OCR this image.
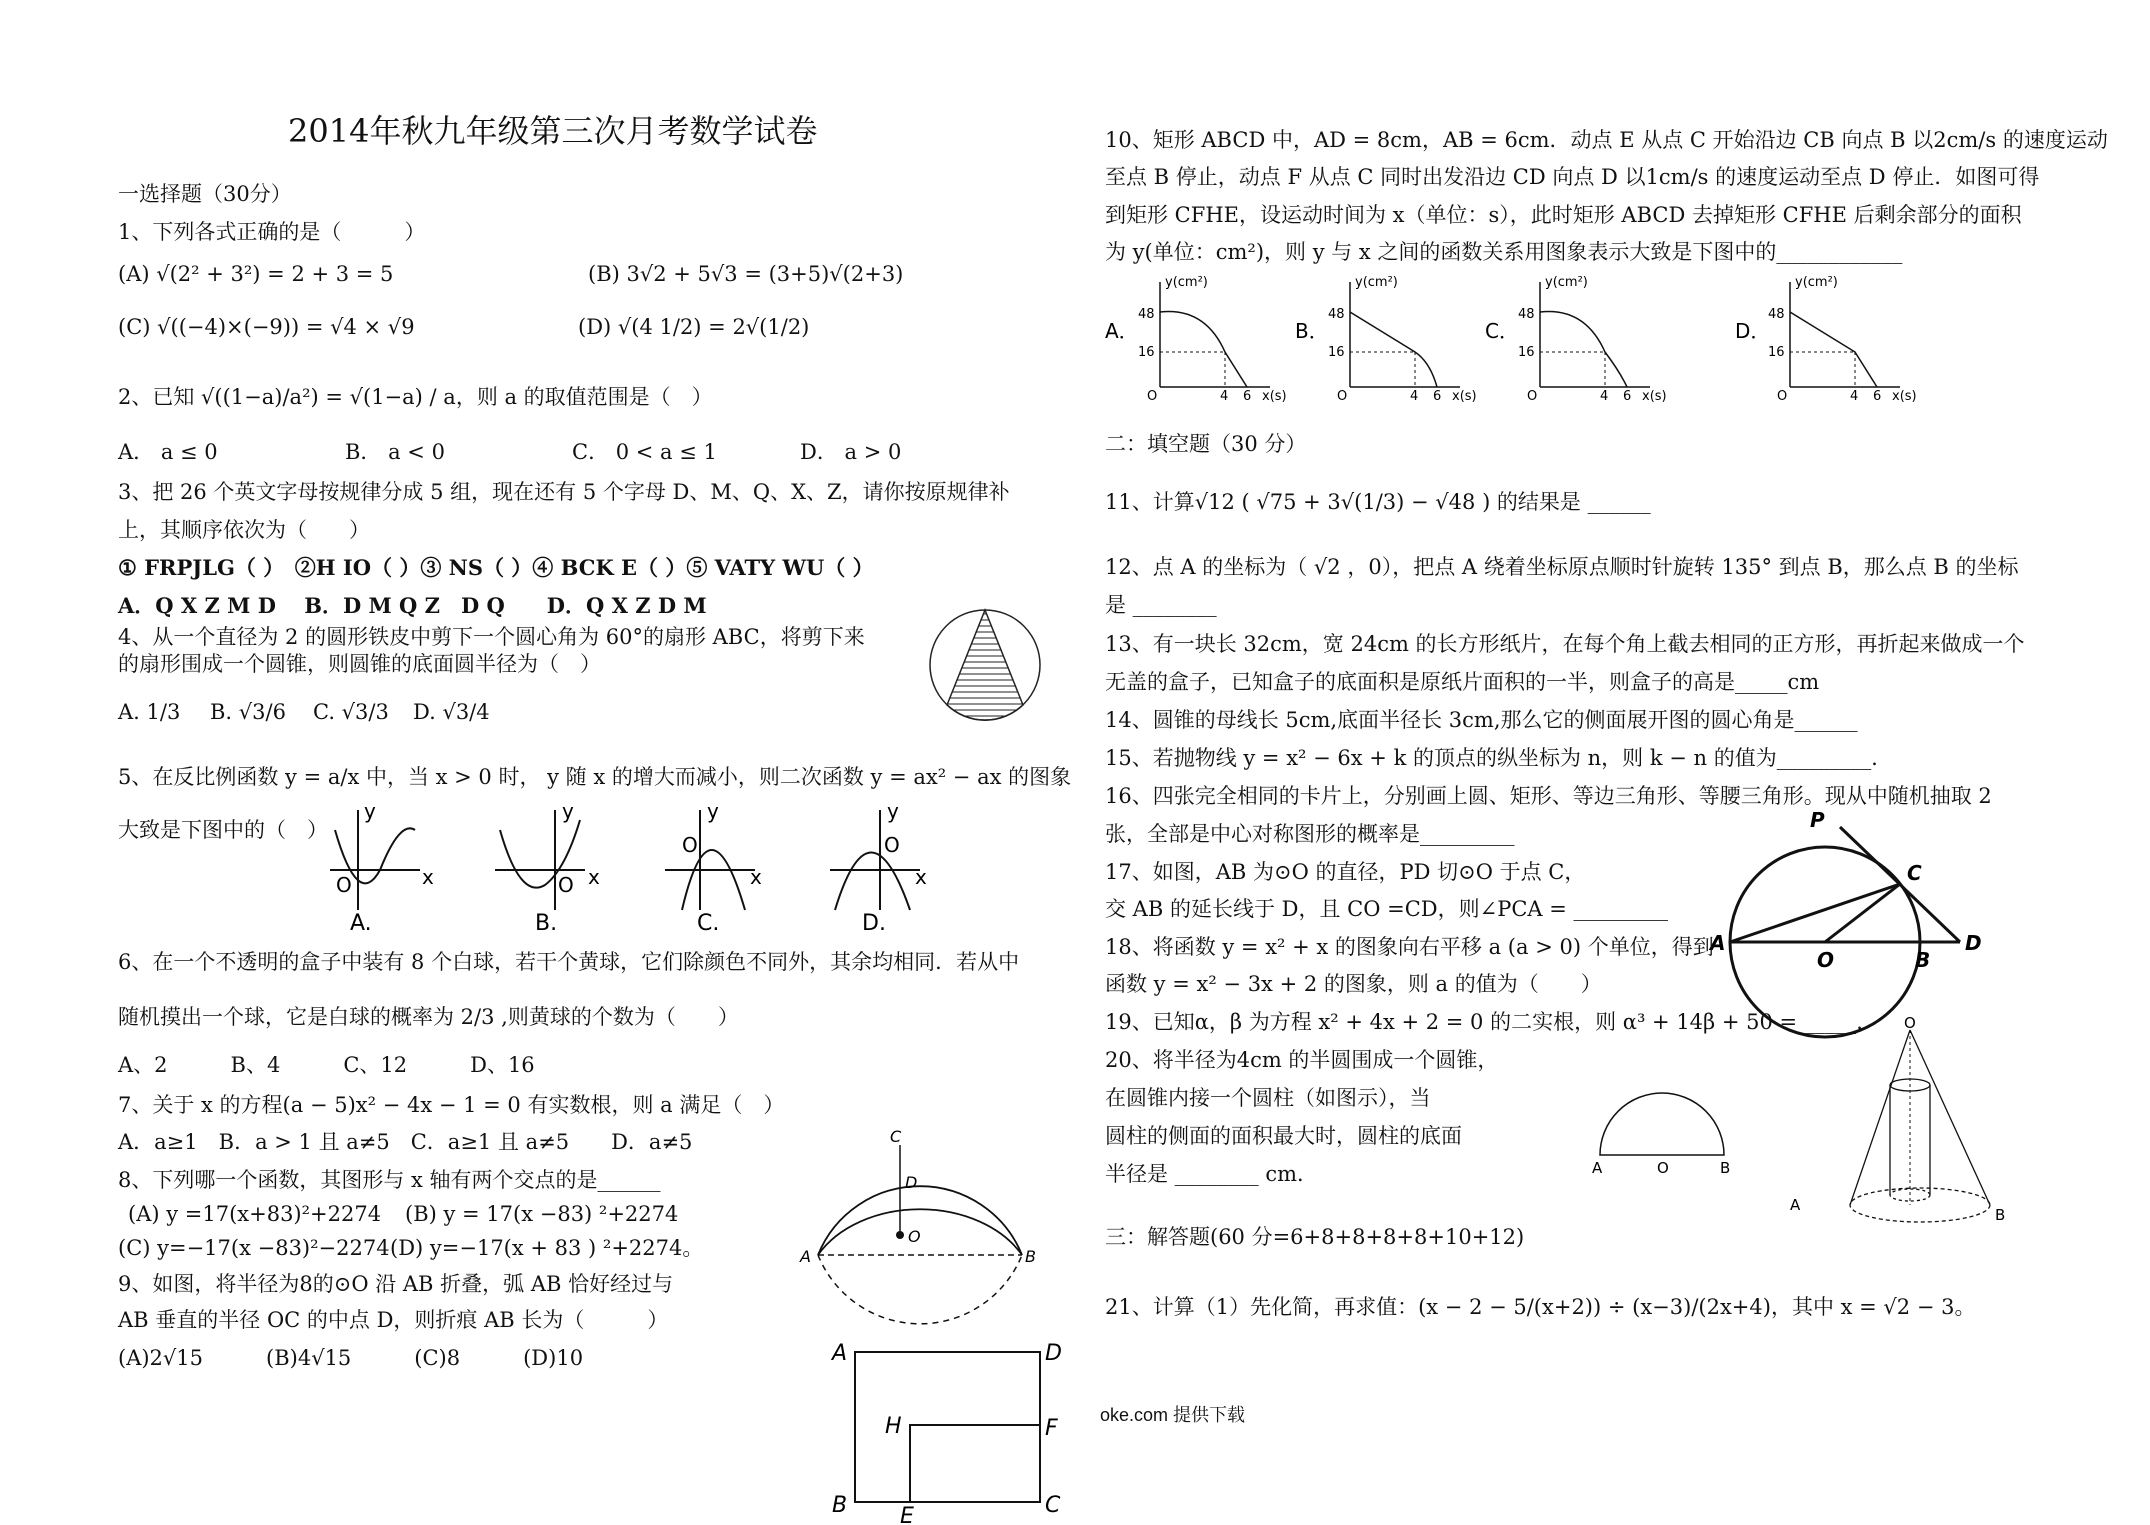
2014年秋九年级第三次月考数学试卷
一选择题（30分）
1、下列各式正确的是（　　　）
(A) √(2² + 3²) = 2 + 3 = 5	(B) 3√2 + 5√3 = (3+5)√(2+3)
(C) √((−4)×(−9)) = √4 × √9	(D) √(4 1/2) = 2√(1/2)
2、已知 √((1−a)/a²) = √(1−a) / a，则 a 的取值范围是（　）
A． a ≤ 0	B． a < 0	C． 0 < a ≤ 1	D． a > 0
3、把 26 个英文字母按规律分成 5 组，现在还有 5 个字母 D、M、Q、X、Z，请你按原规律补
上，其顺序依次为（　　）
① FRPJLG（ ）　②H IO（ ）③ NS（ ）④ BCK E（ ）⑤ VATY WU（ ）
A．Q X Z M D　 B．D M Q Z　D Q　　D．Q X Z D M
4、从一个直径为 2 的圆形铁皮中剪下一个圆心角为 60°的扇形 ABC，将剪下来
的扇形围成一个圆锥，则圆锥的底面圆半径为（　）
A. 1/3 B. √3/6 C. √3/3 D. √3/4
5、在反比例函数 y = a/x 中，当 x > 0 时， y 随 x 的增大而减小，则二次函数 y = ax² − ax 的图象
大致是下图中的（　）
x
y
O
A.
x
y
O
B.
x
y
O
C.
x
y
O
D.
6、在一个不透明的盒子中装有 8 个白球，若干个黄球，它们除颜色不同外，其余均相同．若从中
随机摸出一个球，它是白球的概率为 2/3 ,则黄球的个数为（　　）
A、2　　　B、4　　　C、12　　　D、16
7、关于 x 的方程(a − 5)x² − 4x − 1 = 0 有实数根，则 a 满足（　）
A．a≥1　B．a > 1 且 a≠5　C．a≥1 且 a≠5　　D．a≠5
8、下列哪一个函数，其图形与 x 轴有两个交点的是______
(A) y =17(x+83)²+2274 (B) y = 17(x −83) ²+2274
(C) y=−17(x −83)²−2274 (D) y=−17(x + 83 ) ²+2274。
9、如图，将半径为8的⊙O 沿 AB 折叠，弧 AB 恰好经过与
AB 垂直的半径 OC 的中点 D，则折痕 AB 长为（　　　）
(A)2√15　　　(B)4√15　　　(C)8　　　(D)10
C
D
O
A	B
A	D
B	C
H	F
E
10、矩形 ABCD 中，AD = 8cm，AB = 6cm．动点 E 从点 C 开始沿边 CB 向点 B 以2cm/s 的速度运动
至点 B 停止，动点 F 从点 C 同时出发沿边 CD 向点 D 以1cm/s 的速度运动至点 D 停止．如图可得
到矩形 CFHE，设运动时间为 x（单位：s），此时矩形 ABCD 去掉矩形 CFHE 后剩余部分的面积
为 y(单位：cm²)，则 y 与 x 之间的函数关系用图象表示大致是下图中的____________
A．
y(cm²)
48
16
O	4 6 x(s)
B．
y(cm²)
48
16
O	4 6 x(s)
C．
y(cm²)
48
16
O	4 6 x(s)
D．
y(cm²)
48
16
O	4 6 x(s)
二：填空题（30 分）
11、计算√12 ( √75 + 3√(1/3) − √48 ) 的结果是 ______
12、点 A 的坐标为（ √2 ，0），把点 A 绕着坐标原点顺时针旋转 135° 到点 B，那么点 B 的坐标
是 ________
13、有一块长 32cm，宽 24cm 的长方形纸片，在每个角上截去相同的正方形，再折起来做成一个
无盖的盒子，已知盒子的底面积是原纸片面积的一半，则盒子的高是_____cm
14、圆锥的母线长 5cm,底面半径长 3cm,那么它的侧面展开图的圆心角是______
15、若抛物线 y = x² − 6x + k 的顶点的纵坐标为 n，则 k − n 的值为_________．
16、四张完全相同的卡片上，分别画上圆、矩形、等边三角形、等腰三角形。现从中随机抽取 2
张，全部是中心对称图形的概率是_________
17、如图，AB 为⊙O 的直径，PD 切⊙O 于点 C，
交 AB 的延长线于 D，且 CO =CD，则∠PCA = _________
P
C
A
O	B
D
18、将函数 y = x² + x 的图象向右平移 a (a > 0) 个单位，得到
函数 y = x² − 3x + 2 的图象，则 a 的值为（　　）
19、已知α，β 为方程 x² + 4x + 2 = 0 的二实根，则 α³ + 14β + 50 = _____.
20、将半径为4cm 的半圆围成一个圆锥，
在圆锥内接一个圆柱（如图示），当
圆柱的侧面的面积最大时，圆柱的底面
半径是 ________ cm．	A	O	B
O
A
B
三：解答题(60 分=6+8+8+8+8+10+12)
21、计算（1）先化简，再求值：(x − 2 − 5/(x+2)) ÷ (x−3)/(2x+4)，其中 x = √2 − 3。
oke.com 提供下载
